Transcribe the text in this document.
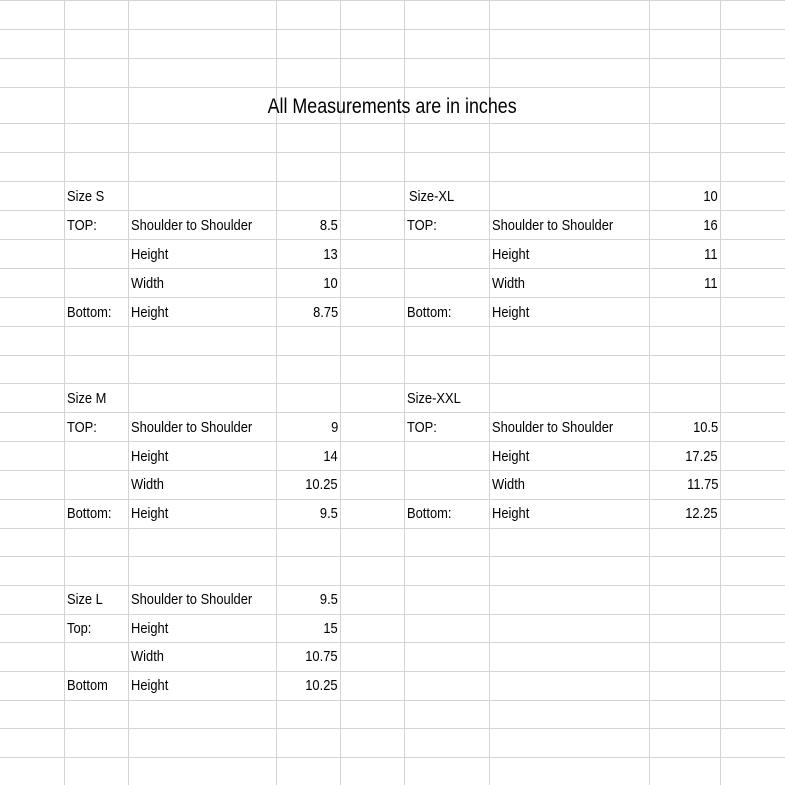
All Measurements are in inches
Size S
TOP: Shoulder to Shoulder	8.5
Height	13
Width	10
Bottom: Height	8.75
Size-XL	10
TOP:	Shoulder to Shoulder	16
Height	11
Width	11
Bottom:	Height
Size M
TOP: Shoulder to Shoulder	9
Height	14
Width	10.25
Bottom: Height	9.5
Size-XXL
TOP:	Shoulder to Shoulder	10.5
Height	17.25
Width	11.75
Bottom:	Height	12.25
Size L Shoulder to Shoulder	9.5
Top:	Height	15
Width	10.75
Bottom Height	10.25
